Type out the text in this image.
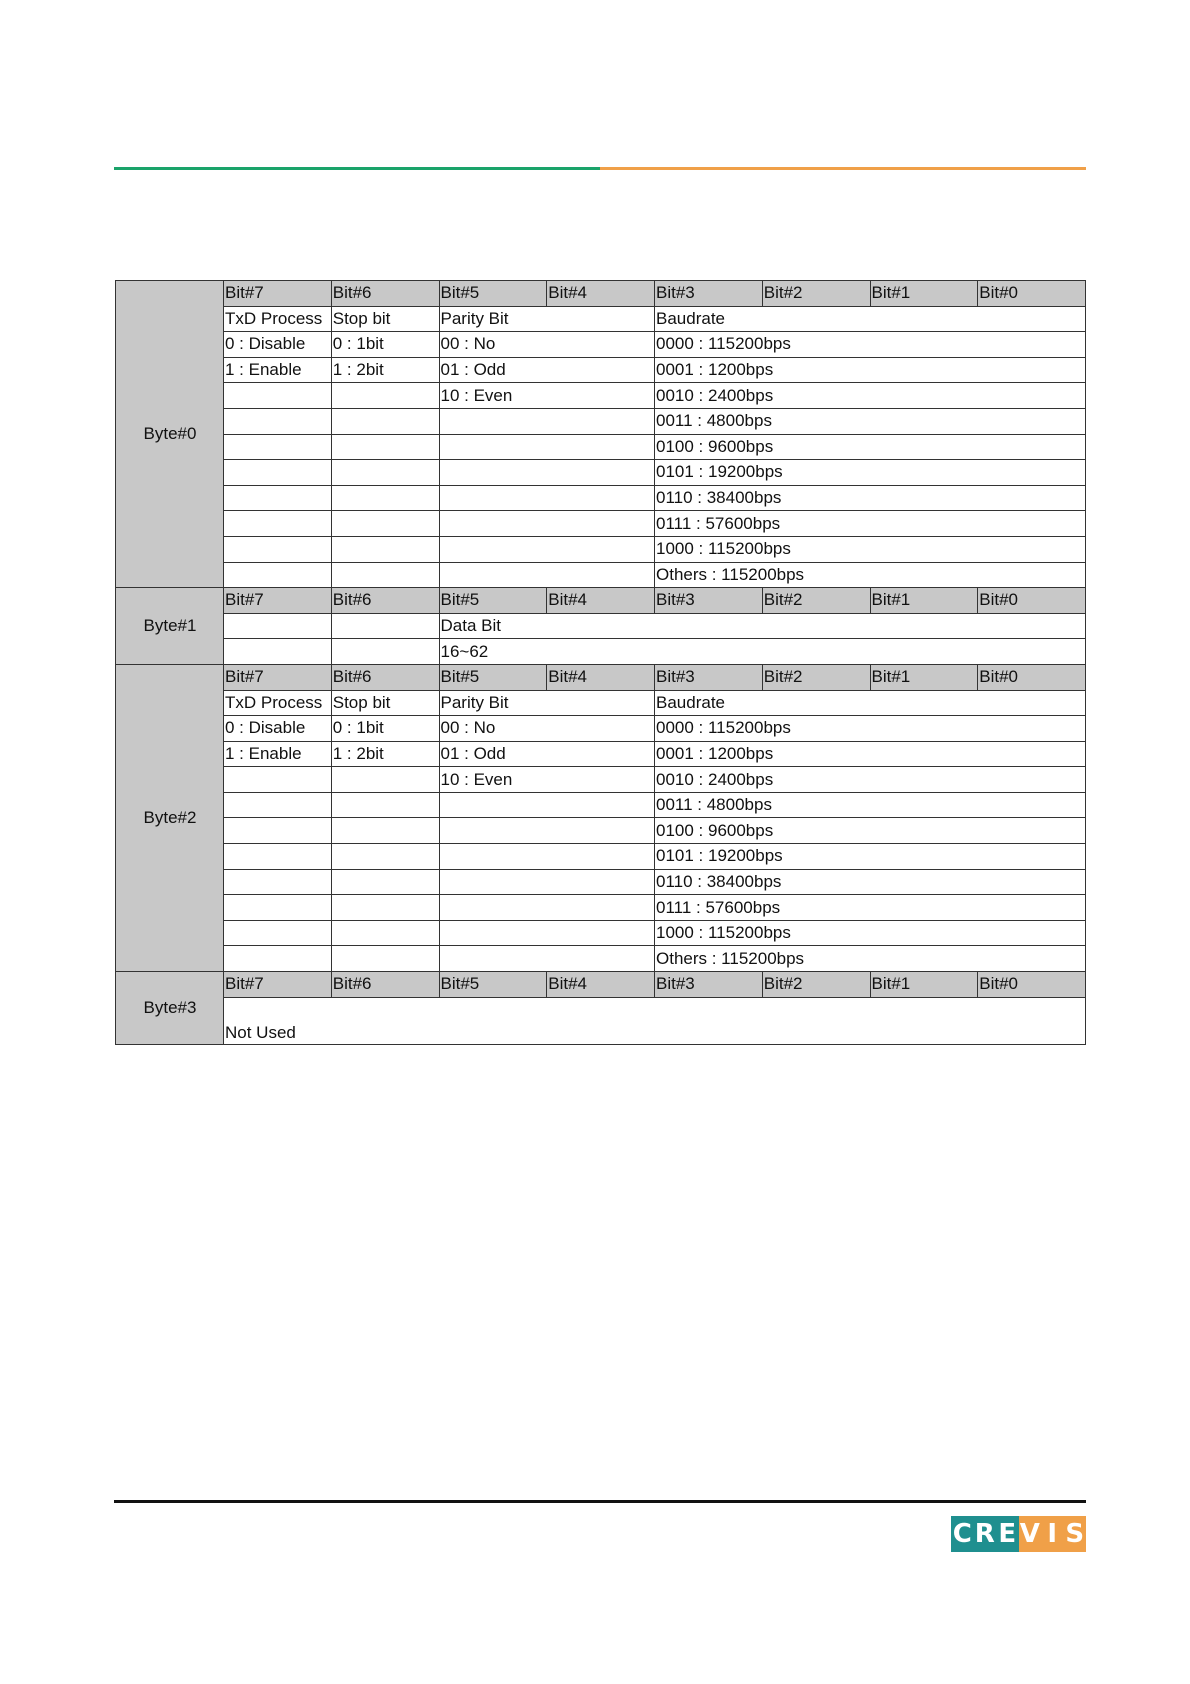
Byte#0	Bit#7	Bit#6	Bit#5	Bit#4	Bit#3	Bit#2	Bit#1	Bit#0
	TxD Process	Stop bit	Parity Bit		Baudrate			
	0 : Disable	0 : 1bit	00 : No		0000 : 115200bps			
	1 : Enable	1 : 2bit	01 : Odd		0001 : 1200bps			
			10 : Even		0010 : 2400bps			
					0011 : 4800bps			
					0100 : 9600bps			
					0101 : 19200bps			
					0110 : 38400bps			
					0111 : 57600bps			
					1000 : 115200bps			
					Others : 115200bps			
Byte#1	Bit#7	Bit#6	Bit#5	Bit#4	Bit#3	Bit#2	Bit#1	Bit#0
			Data Bit					
			16~62					
Byte#2	Bit#7	Bit#6	Bit#5	Bit#4	Bit#3	Bit#2	Bit#1	Bit#0
	TxD Process	Stop bit	Parity Bit		Baudrate			
	0 : Disable	0 : 1bit	00 : No		0000 : 115200bps			
	1 : Enable	1 : 2bit	01 : Odd		0001 : 1200bps			
			10 : Even		0010 : 2400bps			
					0011 : 4800bps			
					0100 : 9600bps			
					0101 : 19200bps			
					0110 : 38400bps			
					0111 : 57600bps			
					1000 : 115200bps			
					Others : 115200bps			
Byte#3	Bit#7	Bit#6	Bit#5	Bit#4	Bit#3	Bit#2	Bit#1	Bit#0
	Not Used							
C R E V I S
